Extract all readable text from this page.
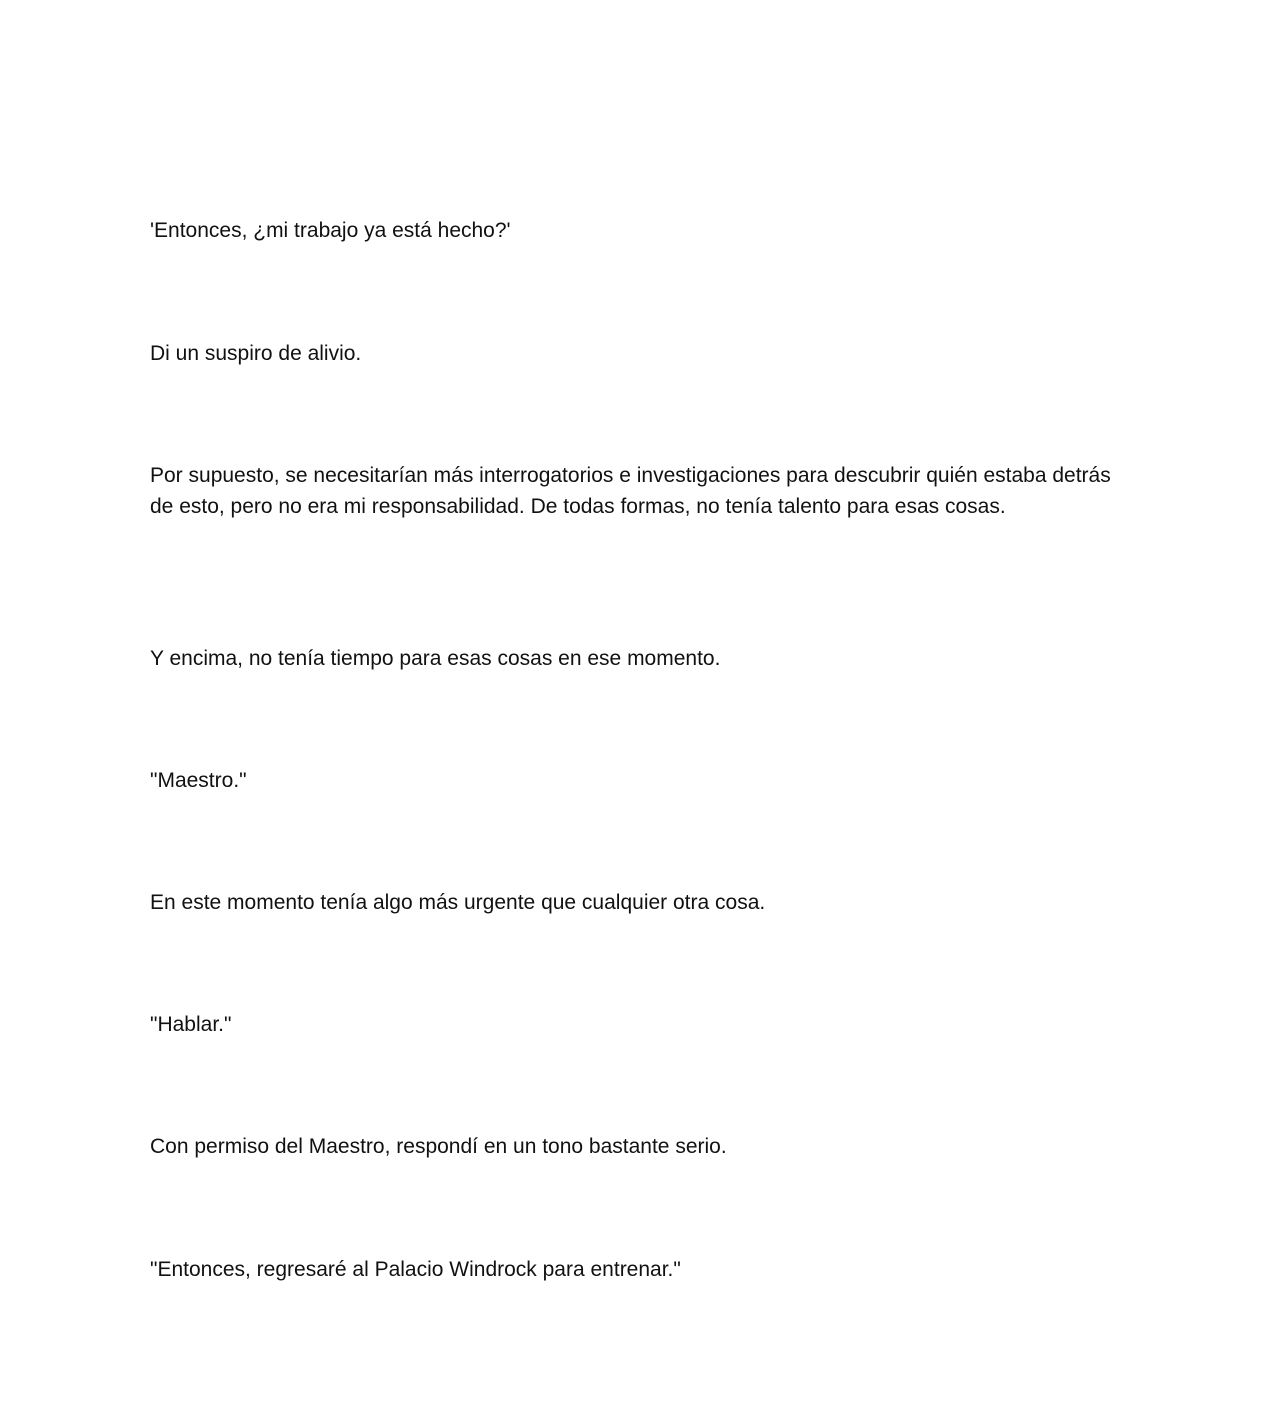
'Entonces, ¿mi trabajo ya está hecho?'

Di un suspiro de alivio.

Por supuesto, se necesitarían más interrogatorios e investigaciones para descubrir quién estaba detrás de esto, pero no era mi responsabilidad. De todas formas, no tenía talento para esas cosas.

Y encima, no tenía tiempo para esas cosas en ese momento.

"Maestro."

En este momento tenía algo más urgente que cualquier otra cosa.

"Hablar."

Con permiso del Maestro, respondí en un tono bastante serio.

"Entonces, regresaré al Palacio Windrock para entrenar."
